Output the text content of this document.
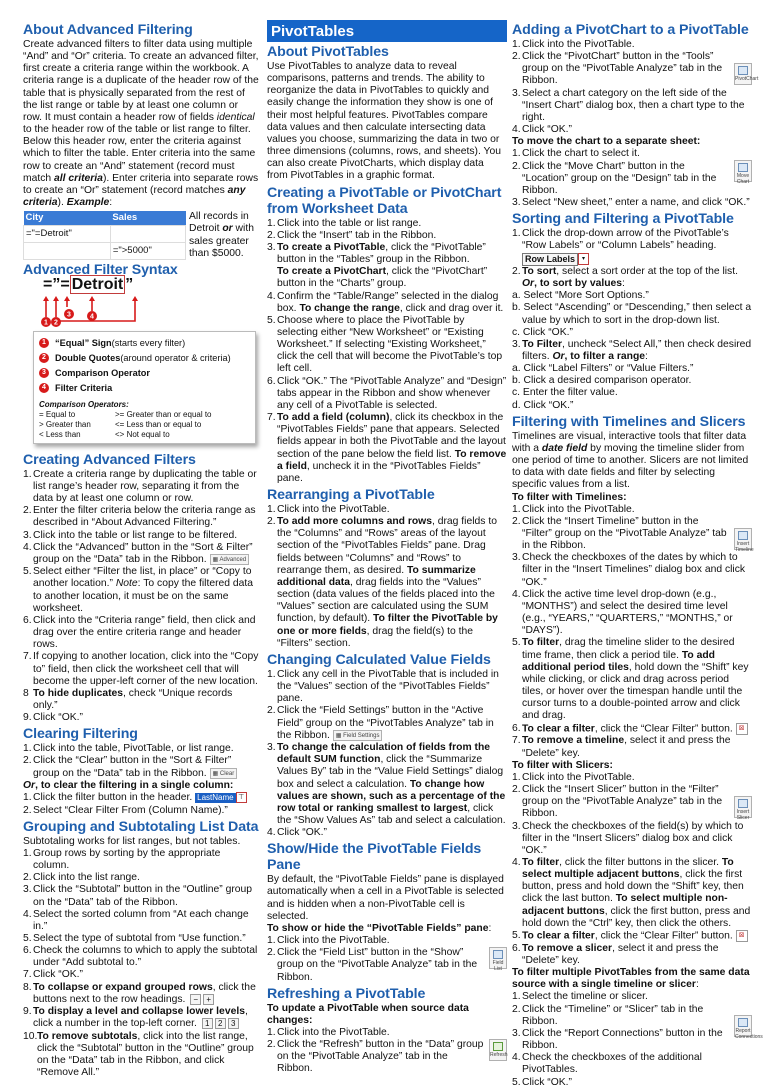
About Advanced Filtering

Create advanced filters to filter data using multiple “And” and “Or” criteria. To create an advanced filter, first create a criteria range within the workbook. A criteria range is a duplicate of the header row of the table that is physically separated from the rest of the list range or table by at least one column or row. It must contain a header row of fields identical to the header row of the table or list range to filter. Below this header row, enter the criteria against which to filter the table. Enter criteria into the same row to create an “And” statement (record must match all criteria). Enter criteria into separate rows to create an “Or” statement (record matches any criteria). Example:

City	Sales
="=Detroit"	
	=">5000"
All records in Detroit or with sales greater than $5000.
Advanced Filter Syntax
=”= Detroit ”
1 2
3	4
1 “Equal” Sign (starts every filter)
2 Double Quotes (around operator & criteria)
3 Comparison Operator
4 Filter Criteria
Comparison Operators:
= Equal to	>= Greater than or equal to
> Greater than	<= Less than or equal to
< Less than	<> Not equal to
Creating Advanced Filters
1. Create a criteria range by duplicating the table or list range’s header row, separating it from the data by at least one column or row.
2. Enter the filter criteria below the criteria range as described in “About Advanced Filtering.”
3. Click into the table or list range to be filtered.
4. Click the “Advanced” button in the “Sort & Filter” group on the “Data” tab in the Ribbon. ▦ Advanced
5. Select either “Filter the list, in place” or “Copy to another location.” Note: To copy the filtered data to another location, it must be on the same worksheet.
6. Click into the “Criteria range” field, then click and drag over the entire criteria range and header rows.
7. If copying to another location, click into the “Copy to” field, then click the worksheet cell that will become the upper-left corner of the new location.
8 To hide duplicates, check “Unique records only.”
9. Click “OK.”
Clearing Filtering
1. Click into the table, PivotTable, or list range.
2. Click the “Clear” button in the “Sort & Filter” group on the “Data” tab in the Ribbon. ▦ Clear

Or, to clear the filtering in a single column:

1. Click the filter button in the header. LastName ⊤
2. Select “Clear Filter From (Column Name).”
Grouping and Subtotaling List Data

Subtotaling works for list ranges, but not tables.

1. Group rows by sorting by the appropriate column.
2. Click into the list range.
3. Click the “Subtotal” button in the “Outline” group on the “Data” tab of the Ribbon.
4. Select the sorted column from “At each change in.”
5. Select the type of subtotal from “Use function.”
6. Check the columns to which to apply the subtotal under “Add subtotal to.”
7. Click “OK.”
8. To collapse or expand grouped rows, click the buttons next to the row headings. − +
9. To display a level and collapse lower levels, click a number in the top-left corner. 1 2 3
10. To remove subtotals, click into the list range, click the “Subtotal” button in the “Outline” group on the “Data” tab in the Ribbon, and click “Remove All.”
PivotTables
About PivotTables

Use PivotTables to analyze data to reveal comparisons, patterns and trends. The ability to reorganize the data in PivotTables to quickly and easily change the information they show is one of their most helpful features. PivotTables compare data values and then calculate intersecting data values you choose, summarizing the data in two or three dimensions (columns, rows, and sheets). You can also create PivotCharts, which display data from PivotTables in a graphic format.

Creating a PivotTable or PivotChart from Worksheet Data
1. Click into the table or list range.
2. Click the “Insert” tab in the Ribbon.
3. To create a PivotTable, click the “PivotTable” button in the “Tables” group in the Ribbon.
To create a PivotChart, click the “PivotChart” button in the “Charts” group.
4. Confirm the “Table/Range” selected in the dialog box. To change the range, click and drag over it.
5. Choose where to place the PivotTable by selecting either “New Worksheet” or “Existing Worksheet.” If selecting “Existing Worksheet,” click the cell that will become the PivotTable’s top left cell.
6. Click “OK.” The “PivotTable Analyze” and “Design” tabs appear in the Ribbon and show whenever any cell of a PivotTable is selected.
7. To add a field (column), click its checkbox in the “PivotTables Fields” pane that appears. Selected fields appear in both the PivotTable and the layout section of the pane below the field list. To remove a field, uncheck it in the “PivotTables Fields” pane.
Rearranging a PivotTable
1. Click into the PivotTable.
2. To add more columns and rows, drag fields to the “Columns” and “Rows” areas of the layout section of the “PivotTables Fields” pane. Drag fields between “Columns” and “Rows” to rearrange them, as desired. To summarize additional data, drag fields into the “Values” section (data values of the fields placed into the “Values” section are calculated using the SUM function, by default). To filter the PivotTable by one or more fields, drag the field(s) to the “Filters” section.
Changing Calculated Value Fields
1. Click any cell in the PivotTable that is included in the “Values” section of the “PivotTables Fields” pane.
2. Click the “Field Settings” button in the “Active Field” group on the “PivotTables Analyze” tab in the Ribbon. ▦ Field Settings
3. To change the calculation of fields from the default SUM function, click the “Summarize Values By” tab in the “Value Field Settings” dialog box and select a calculation. To change how values are shown, such as a percentage of the row total or ranking smallest to largest, click the “Show Values As” tab and select a calculation.
4. Click “OK.”
Show/Hide the PivotTable Fields Pane

By default, the “PivotTable Fields” pane is displayed automatically when a cell in a PivotTable is selected and is hidden when a non-PivotTable cell is selected.

To show or hide the “PivotTable Fields” pane:

Field List
1. Click into the PivotTable.
2. Click the “Field List” button in the “Show” group on the “PivotTable Analyze” tab in the Ribbon.
Refreshing a PivotTable

To update a PivotTable when source data changes:

Refresh
1. Click into the PivotTable.
2. Click the “Refresh” button in the “Data” group on the “PivotTable Analyze” tab in the Ribbon.
Adding a PivotChart to a PivotTable
PivotChart
1. Click into the PivotTable.
2. Click the “PivotChart” button in the “Tools” group on the “PivotTable Analyze” tab in the Ribbon.
3. Select a chart category on the left side of the “Insert Chart” dialog box, then a chart type to the right.
4. Click “OK.”

To move the chart to a separate sheet:

Move Chart
1. Click the chart to select it.
2. Click the “Move Chart” button in the “Location” group on the “Design” tab in the Ribbon.
3. Select “New sheet,” enter a name, and click “OK.”
Sorting and Filtering a PivotTable
1. Click the drop-down arrow of the PivotTable’s “Row Labels” or “Column Labels” heading. Row Labels ▾
2. To sort, select a sort order at the top of the list.
Or, to sort by values:
a. Select “More Sort Options.”
b. Select “Ascending” or “Descending,” then select a value by which to sort in the drop-down list.
c. Click “OK.”
3. To Filter, uncheck “Select All,” then check desired filters. Or, to filter a range:
a. Click “Label Filters” or “Value Filters.”
b. Click a desired comparison operator.
c. Enter the filter value.
d. Click “OK.”
Filtering with Timelines and Slicers

Timelines are visual, interactive tools that filter data with a date field by moving the timeline slider from one period of time to another. Slicers are not limited to data with date fields and filter by selecting specific values from a list.

To filter with Timelines:

Insert Timeline
1. Click into the PivotTable.
2. Click the “Insert Timeline” button in the “Filter” group on the “PivotTable Analyze” tab in the Ribbon.
3. Check the checkboxes of the dates by which to filter in the “Insert Timelines” dialog box and click “OK.”
4. Click the active time level drop-down (e.g., “MONTHS”) and select the desired time level (e.g., “YEARS,” “QUARTERS,” “MONTHS,” or “DAYS”).
5. To filter, drag the timeline slider to the desired time frame, then click a period tile. To add additional period tiles, hold down the “Shift” key while clicking, or click and drag across period tiles, or hover over the timespan handle until the cursor turns to a double-pointed arrow and click and drag.
6. To clear a filter, click the “Clear Filter” button. ⊠
7. To remove a timeline, select it and press the “Delete” key.

To filter with Slicers:

Insert Slicer
1. Click into the PivotTable.
2. Click the “Insert Slicer” button in the “Filter” group on the “PivotTable Analyze” tab in the Ribbon.
3. Check the checkboxes of the field(s) by which to filter in the “Insert Slicers” dialog box and click “OK.”
4. To filter, click the filter buttons in the slicer. To select multiple adjacent buttons, click the first button, press and hold down the “Shift” key, then click the last button. To select multiple non-adjacent buttons, click the first button, press and hold down the “Ctrl” key, then click the others.
5. To clear a filter, click the “Clear Filter” button. ⊠
6. To remove a slicer, select it and press the “Delete” key.

To filter multiple PivotTables from the same data source with a single timeline or slicer:

Report Connections
1. Select the timeline or slicer.
2. Click the “Timeline” or “Slicer” tab in the Ribbon.
3. Click the “Report Connections” button in the Ribbon.
4. Check the checkboxes of the additional PivotTables.
5. Click “OK.”
